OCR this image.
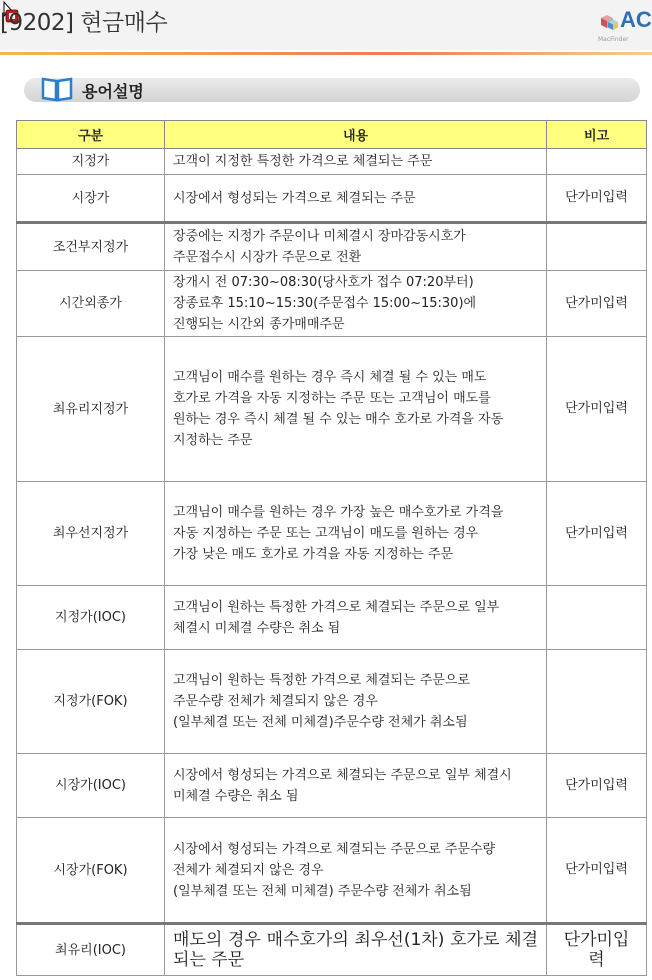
[9202] 현금매수	AC
MacFinder
용어설명
구분	내용	비고
지정가	고객이 지정한 특정한 가격으로 체결되는 주문	

시장가	시장에서 형성되는 가격으로 체결되는 주문	단가미입력
조건부지정가	장중에는 지정가 주문이나 미체결시 장마감동시호가
주문접수시 시장가 주문으로 전환	

시간외종가	장개시 전 07:30~08:30(당사호가 접수 07:20부터)
장종료후 15:10~15:30(주문접수 15:00~15:30)에
진행되는 시간외 종가매매주문	단가미입력
최유리지정가	고객님이 매수를 원하는 경우 즉시 체결 될 수 있는 매도
호가로 가격을 자동 지정하는 주문 또는 고객님이 매도를
원하는 경우 즉시 체결 될 수 있는 매수 호가로 가격을 자동
지정하는 주문	단가미입력
최우선지정가	고객님이 매수를 원하는 경우 가장 높은 매수호가로 가격을
자동 지정하는 주문 또는 고객님이 매도를 원하는 경우
가장 낮은 매도 호가로 가격을 자동 지정하는 주문	단가미입력
지정가(IOC)	고객님이 원하는 특정한 가격으로 체결되는 주문으로 일부
체결시 미체결 수량은 취소 됨	

지정가(FOK)	고객님이 원하는 특정한 가격으로 체결되는 주문으로
주문수량 전체가 체결되지 않은 경우
(일부체결 또는 전체 미체결)주문수량 전체가 취소됨	

시장가(IOC)	시장에서 형성되는 가격으로 체결되는 주문으로 일부 체결시
미체결 수량은 취소 됨	단가미입력
시장가(FOK)	시장에서 형성되는 가격으로 체결되는 주문으로 주문수량
전체가 체결되지 않은 경우
(일부체결 또는 전체 미체결) 주문수량 전체가 취소됨	단가미입력
최유리(IOC)	매도의 경우 매수호가의 최우선(1차) 호가로 체결되는 주문	단가미입력
